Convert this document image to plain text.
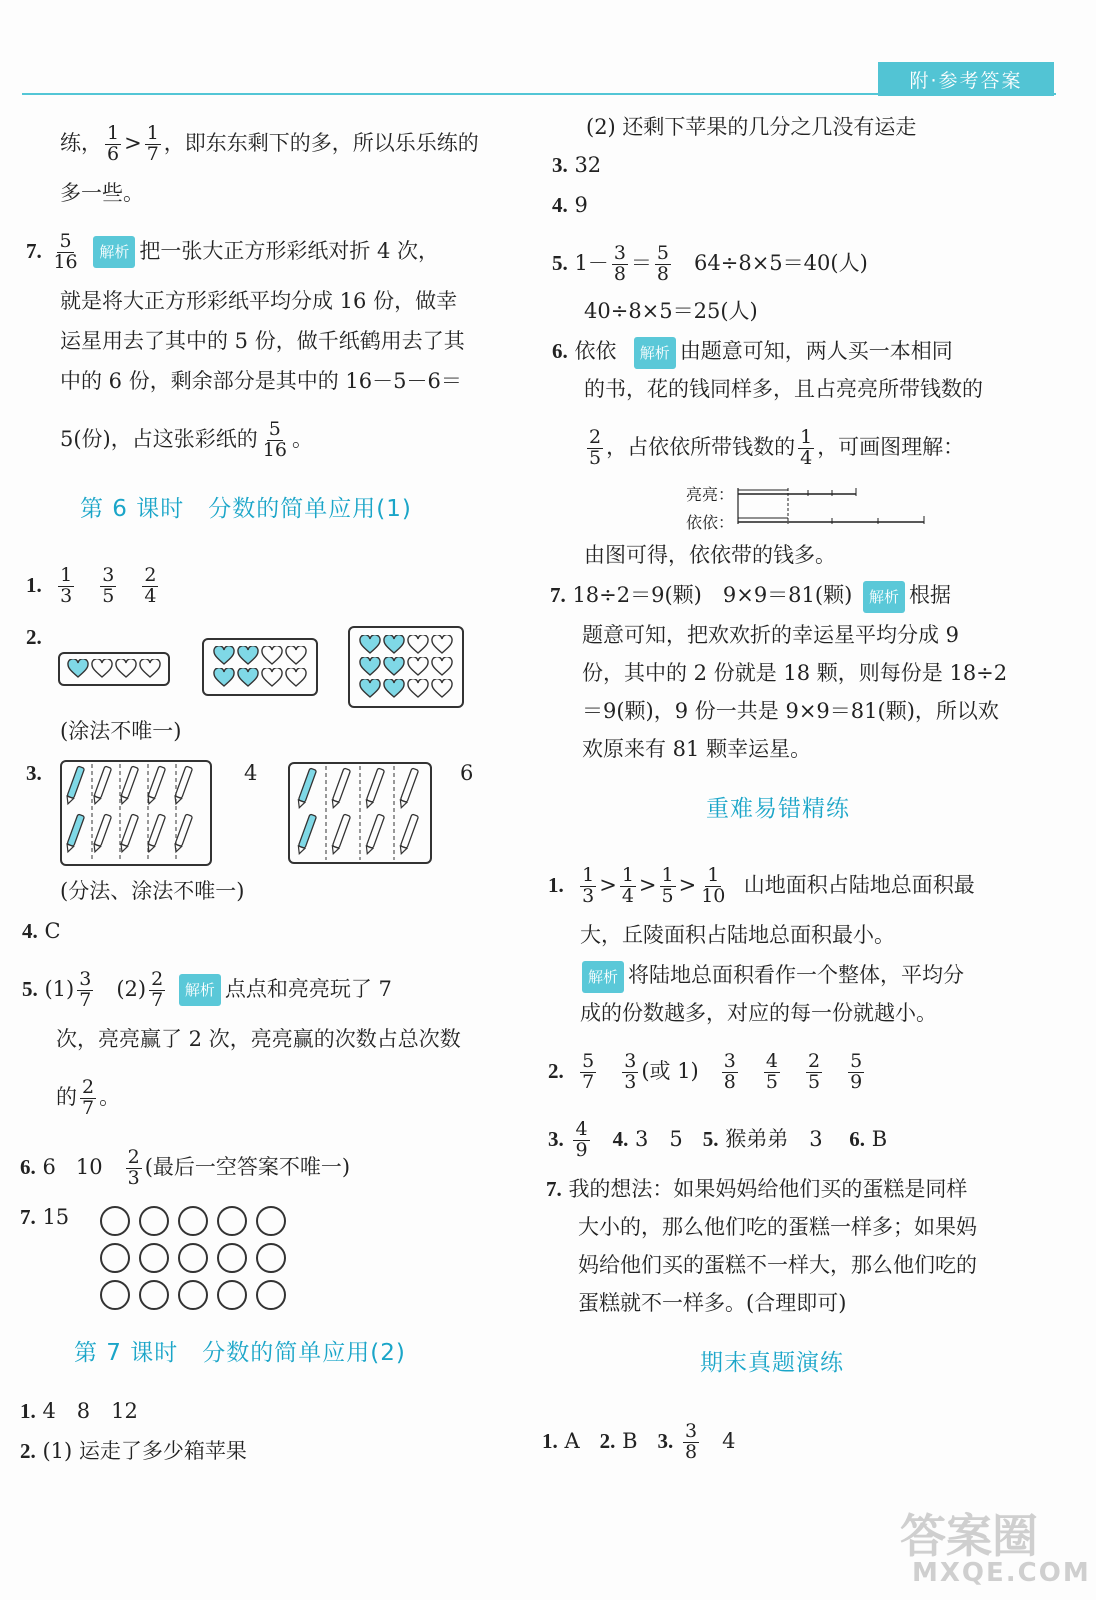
附·参考答案
练， $\frac{1}{6} > \frac{1}{7}$ ，即东东剩下的多，所以乐乐练的
多一些。
7. $\frac{5}{16}$ 解析 把一张大正方形彩纸对折 4 次，
就是将大正方形彩纸平均分成 16 份，做幸
运星用去了其中的 5 份，做千纸鹤用去了其
中的 6 份，剩余部分是其中的 16－5－6＝
5(份)，占这张彩纸的 $\frac{5}{16}$ 。
第 6 课时　分数的简单应用(1)
1. $\frac{1}{3}$
$\frac{3}{5}$
$\frac{2}{4}$
2.
(涂法不唯一)
3.	4	6
(分法、涂法不唯一)
4. C
5. $(1) \frac{3}{7} (2) \frac{2}{7}$ 解析 点点和亮亮玩了 7
次，亮亮赢了 2 次，亮亮赢的次数占总次数
的 $\frac{2}{7}$ 。
6. 6 $10 \frac{2}{3}$ (最后一空答案不唯一)
7. 15
第 7 课时　分数的简单应用(2)
1. 4　8　12
2. (1) 运走了多少箱苹果
(2) 还剩下苹果的几分之几没有运走
3. 32
4. 9
5. $1- \frac{3}{8} = \frac{5}{8} 64\div 8\times 5=40$(人)
40÷8×5＝25(人)
6. 依依 解析 由题意可知，两人买一本相同
的书，花的钱同样多，且占亮亮所带钱数的
$\frac{2}{5}$ ，占依依所带钱数的 $\frac{1}{4}$ ，可画图理解：
亮亮：
依依：
由图可得，依依带的钱多。
7. 18÷2＝9(颗)　9×9＝81(颗) 解析 根据
题意可知，把欢欢折的幸运星平均分成 9
份，其中的 2 份就是 18 颗，则每份是 18÷2
＝9(颗)，9 份一共是 9×9＝81(颗)，所以欢
欢原来有 81 颗幸运星。
重难易错精练
1. $\frac{1}{3} > \frac{1}{4} > \frac{1}{5} > \frac{1}{10}$ 山地面积占陆地总面积最
大，丘陵面积占陆地总面积最小。
解析 将陆地总面积看作一个整体，平均分
成的份数越多，对应的每一份就越小。
2. $\frac{5}{7}$
$\frac{3}{3}$ (或 $1) \frac{3}{8}$
$\frac{4}{5}$
$\frac{2}{5}$
$\frac{5}{9}$
3. $\frac{4}{9} 4$. 3　5 5. 猴弟弟　3 6. B
7. 我的想法：如果妈妈给他们买的蛋糕是同样
大小的，那么他们吃的蛋糕一样多；如果妈
妈给他们买的蛋糕不一样大，那么他们吃的
蛋糕就不一样多。(合理即可)
期末真题演练
1. A 2. B 3. $\frac{3}{8} 4$
答案圈
MXQE.COM
